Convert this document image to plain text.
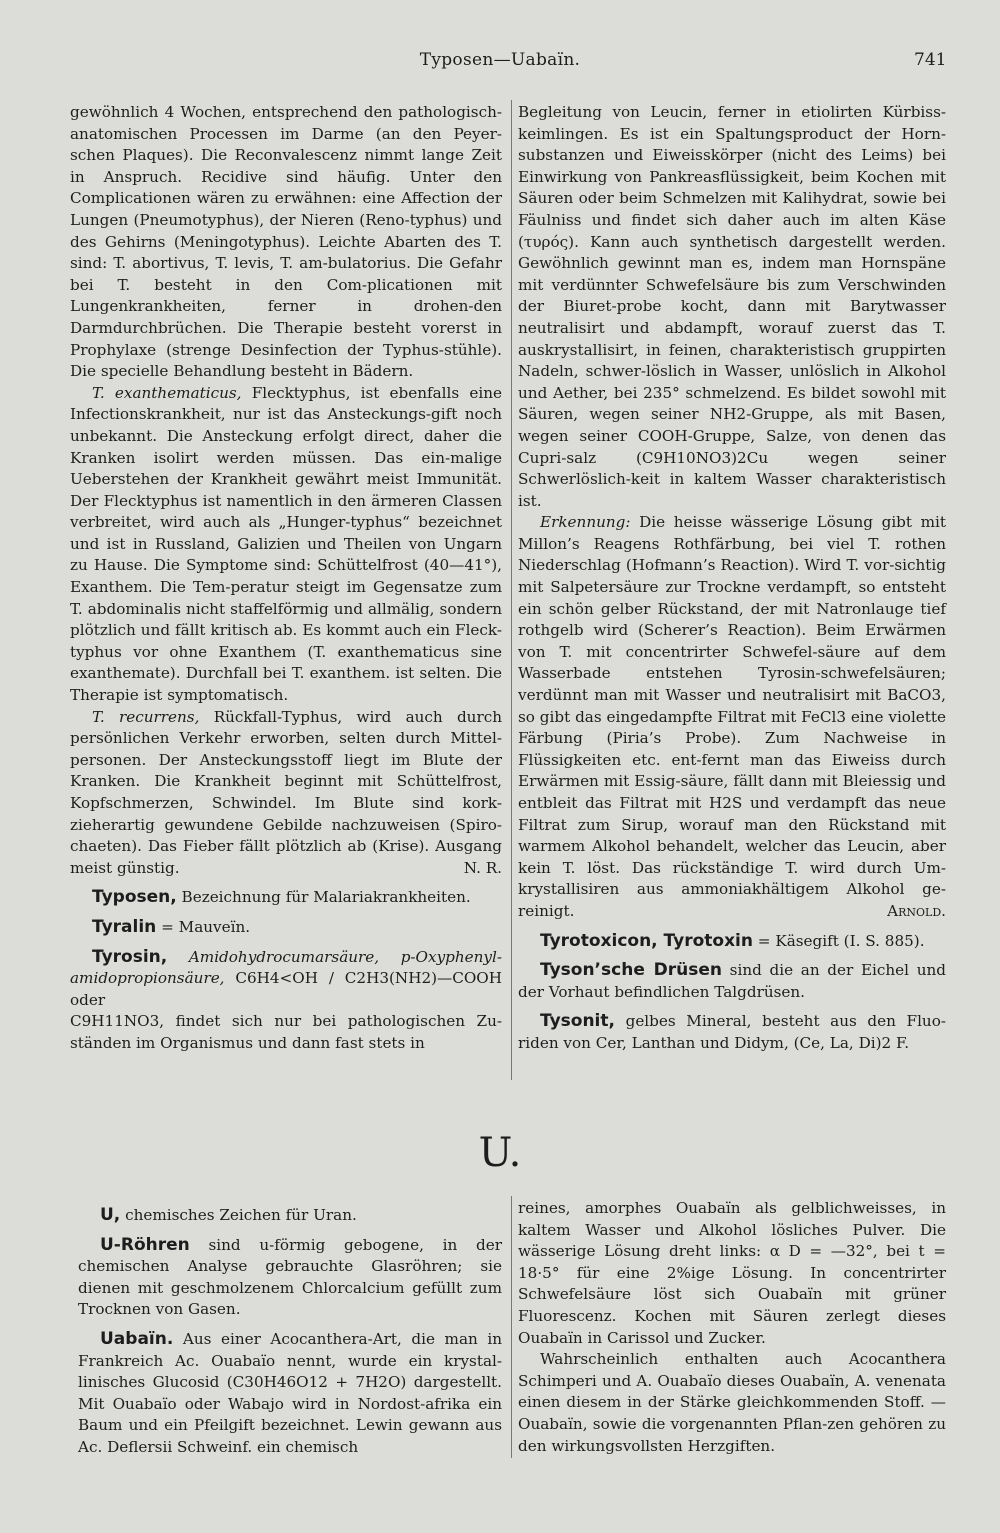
Typosen—Uabaïn.	741

gewöhnlich 4 Wochen, entsprechend den pathologisch-anatomischen Processen im Darme (an den Peyer-schen Plaques). Die Reconvalescenz nimmt lange Zeit in Anspruch. Recidive sind häufig. Unter den Complicationen wären zu erwähnen: eine Affection der Lungen (Pneumotyphus), der Nieren (Reno-typhus) und des Gehirns (Meningotyphus). Leichte Abarten des T. sind: T. abortivus, T. levis, T. am-bulatorius. Die Gefahr bei T. besteht in den Com-plicationen mit Lungenkrankheiten, ferner in drohen-den Darmdurchbrüchen. Die Therapie besteht vorerst in Prophylaxe (strenge Desinfection der Typhus-stühle). Die specielle Behandlung besteht in Bädern.

T. exanthematicus, Flecktyphus, ist ebenfalls eine Infectionskrankheit, nur ist das Ansteckungs-gift noch unbekannt. Die Ansteckung erfolgt direct, daher die Kranken isolirt werden müssen. Das ein-malige Ueberstehen der Krankheit gewährt meist Immunität. Der Flecktyphus ist namentlich in den ärmeren Classen verbreitet, wird auch als „Hunger-typhus“ bezeichnet und ist in Russland, Galizien und Theilen von Ungarn zu Hause. Die Symptome sind: Schüttelfrost (40—41°), Exanthem. Die Tem-peratur steigt im Gegensatze zum T. abdominalis nicht staffelförmig und allmälig, sondern plötzlich und fällt kritisch ab. Es kommt auch ein Fleck-typhus vor ohne Exanthem (T. exanthematicus sine exanthemate). Durchfall bei T. exanthem. ist selten. Die Therapie ist symptomatisch.

T. recurrens, Rückfall-Typhus, wird auch durch persönlichen Verkehr erworben, selten durch Mittel-personen. Der Ansteckungsstoff liegt im Blute der Kranken. Die Krankheit beginnt mit Schüttelfrost, Kopfschmerzen, Schwindel. Im Blute sind kork-zieherartig gewundene Gebilde nachzuweisen (Spiro-chaeten). Das Fieber fällt plötzlich ab (Krise). Ausgang meist günstig.	N. R.

Typosen, Bezeichnung für Malariakrankheiten.

Tyralin = Mauveïn.

Tyrosin, Amidohydrocumarsäure, p-Oxyphenyl-amidopropionsäure, C6H4<OH / C2H3(NH2)—COOH oder

C9H11NO3, findet sich nur bei pathologischen Zu-ständen im Organismus und dann fast stets in

Begleitung von Leucin, ferner in etiolirten Kürbiss-keimlingen. Es ist ein Spaltungsproduct der Horn-substanzen und Eiweisskörper (nicht des Leims) bei Einwirkung von Pankreasflüssigkeit, beim Kochen mit Säuren oder beim Schmelzen mit Kalihydrat, sowie bei Fäulniss und findet sich daher auch im alten Käse (τυρός). Kann auch synthetisch dargestellt werden. Gewöhnlich gewinnt man es, indem man Hornspäne mit verdünnter Schwefelsäure bis zum Verschwinden der Biuret-probe kocht, dann mit Barytwasser neutralisirt und abdampft, worauf zuerst das T. auskrystallisirt, in feinen, charakteristisch gruppirten Nadeln, schwer-löslich in Wasser, unlöslich in Alkohol und Aether, bei 235° schmelzend. Es bildet sowohl mit Säuren, wegen seiner NH2-Gruppe, als mit Basen, wegen seiner COOH-Gruppe, Salze, von denen das Cupri-salz (C9H10NO3)2Cu wegen seiner Schwerlöslich-keit in kaltem Wasser charakteristisch ist.

Erkennung: Die heisse wässerige Lösung gibt mit Millon’s Reagens Rothfärbung, bei viel T. rothen Niederschlag (Hofmann’s Reaction). Wird T. vor-sichtig mit Salpetersäure zur Trockne verdampft, so entsteht ein schön gelber Rückstand, der mit Natronlauge tief rothgelb wird (Scherer’s Reaction). Beim Erwärmen von T. mit concentrirter Schwefel-säure auf dem Wasserbade entstehen Tyrosin-schwefelsäuren; verdünnt man mit Wasser und neutralisirt mit BaCO3, so gibt das eingedampfte Filtrat mit FeCl3 eine violette Färbung (Piria’s Probe). Zum Nachweise in Flüssigkeiten etc. ent-fernt man das Eiweiss durch Erwärmen mit Essig-säure, fällt dann mit Bleiessig und entbleit das Filtrat mit H2S und verdampft das neue Filtrat zum Sirup, worauf man den Rückstand mit warmem Alkohol behandelt, welcher das Leucin, aber kein T. löst. Das rückständige T. wird durch Um-krystallisiren aus ammoniakhältigem Alkohol ge-reinigt.	Arnold.

Tyrotoxicon, Tyrotoxin = Käsegift (I. S. 885).

Tyson’sche Drüsen sind die an der Eichel und der Vorhaut befindlichen Talgdrüsen.

Tysonit, gelbes Mineral, besteht aus den Fluo-riden von Cer, Lanthan und Didym, (Ce, La, Di)2 F.

U.

U, chemisches Zeichen für Uran.

U-Röhren sind u-förmig gebogene, in der chemischen Analyse gebrauchte Glasröhren; sie dienen mit geschmolzenem Chlorcalcium gefüllt zum Trocknen von Gasen.

Uabaïn. Aus einer Acocanthera-Art, die man in Frankreich Ac. Ouabaïo nennt, wurde ein krystal-linisches Glucosid (C30H46O12 + 7H2O) dargestellt. Mit Ouabaïo oder Wabajo wird in Nordost-afrika ein Baum und ein Pfeilgift bezeichnet. Lewin gewann aus Ac. Deflersii Schweinf. ein chemisch

reines, amorphes Ouabaïn als gelblichweisses, in kaltem Wasser und Alkohol lösliches Pulver. Die wässerige Lösung dreht links: α D = —32°, bei t = 18·5° für eine 2%ige Lösung. In concentrirter Schwefelsäure löst sich Ouabaïn mit grüner Fluorescenz. Kochen mit Säuren zerlegt dieses Ouabaïn in Carissol und Zucker.

Wahrscheinlich enthalten auch Acocanthera Schimperi und A. Ouabaïo dieses Ouabaïn, A. venenata einen diesem in der Stärke gleichkommenden Stoff. — Ouabaïn, sowie die vorgenannten Pflan-zen gehören zu den wirkungsvollsten Herzgiften.
